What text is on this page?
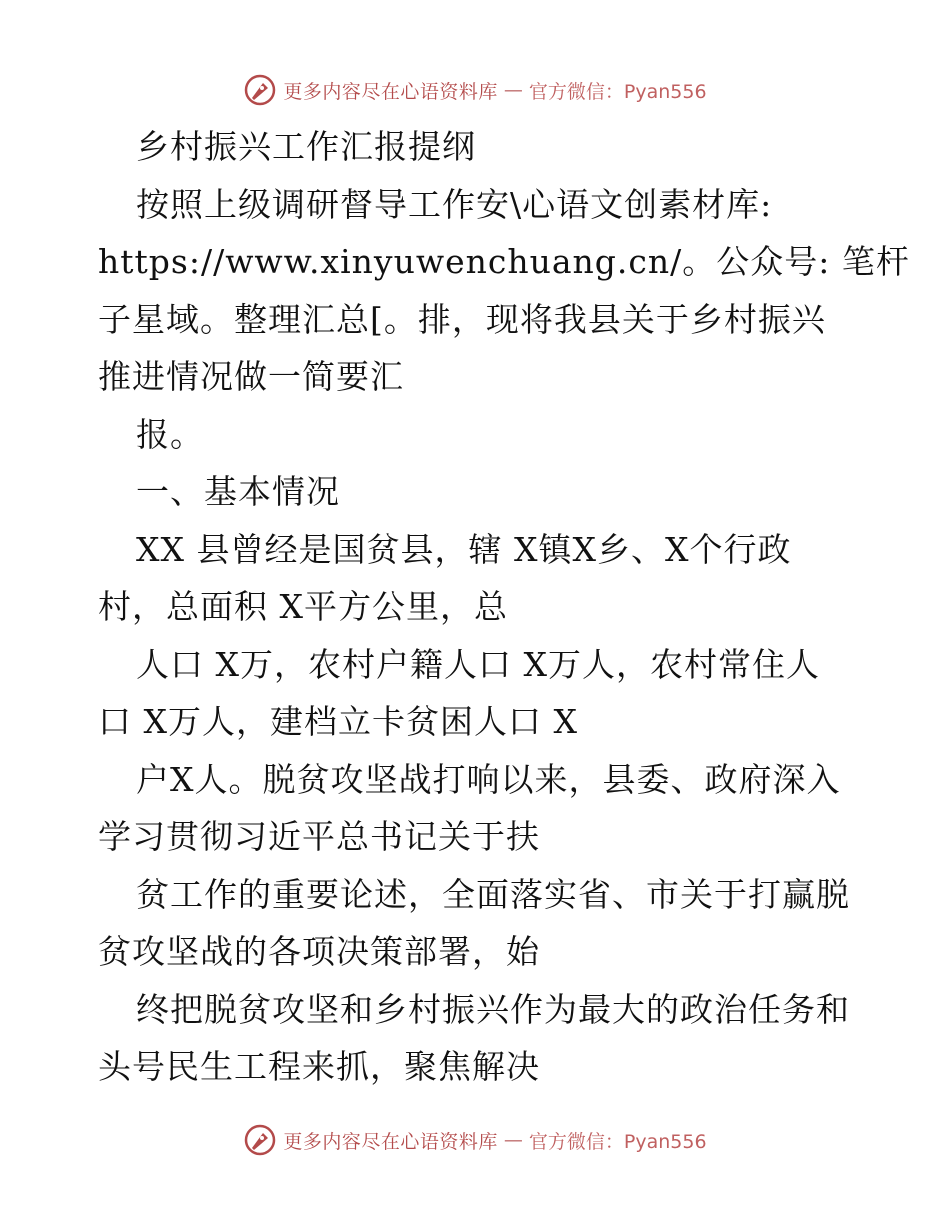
更多内容尽在心语资料库 — 官方微信：Pyan556
乡村振兴工作汇报提纲
按照上级调研督导工作安\心语文创素材库:
https://www.xinyuwenchuang.cn/。公众号: 笔杆
子星域。整理汇总[。排，现将我县关于乡村振兴
推进情况做一简要汇
报。
一、基本情况
XX 县曾经是国贫县，辖 X镇X乡、X个行政
村，总面积 X平方公里，总
人口 X万，农村户籍人口 X万人，农村常住人
口 X万人，建档立卡贫困人口 X
户X人。脱贫攻坚战打响以来，县委、政府深入
学习贯彻习近平总书记关于扶
贫工作的重要论述，全面落实省、市关于打赢脱
贫攻坚战的各项决策部署，始
终把脱贫攻坚和乡村振兴作为最大的政治任务和
头号民生工程来抓，聚焦解决
更多内容尽在心语资料库 — 官方微信：Pyan556
